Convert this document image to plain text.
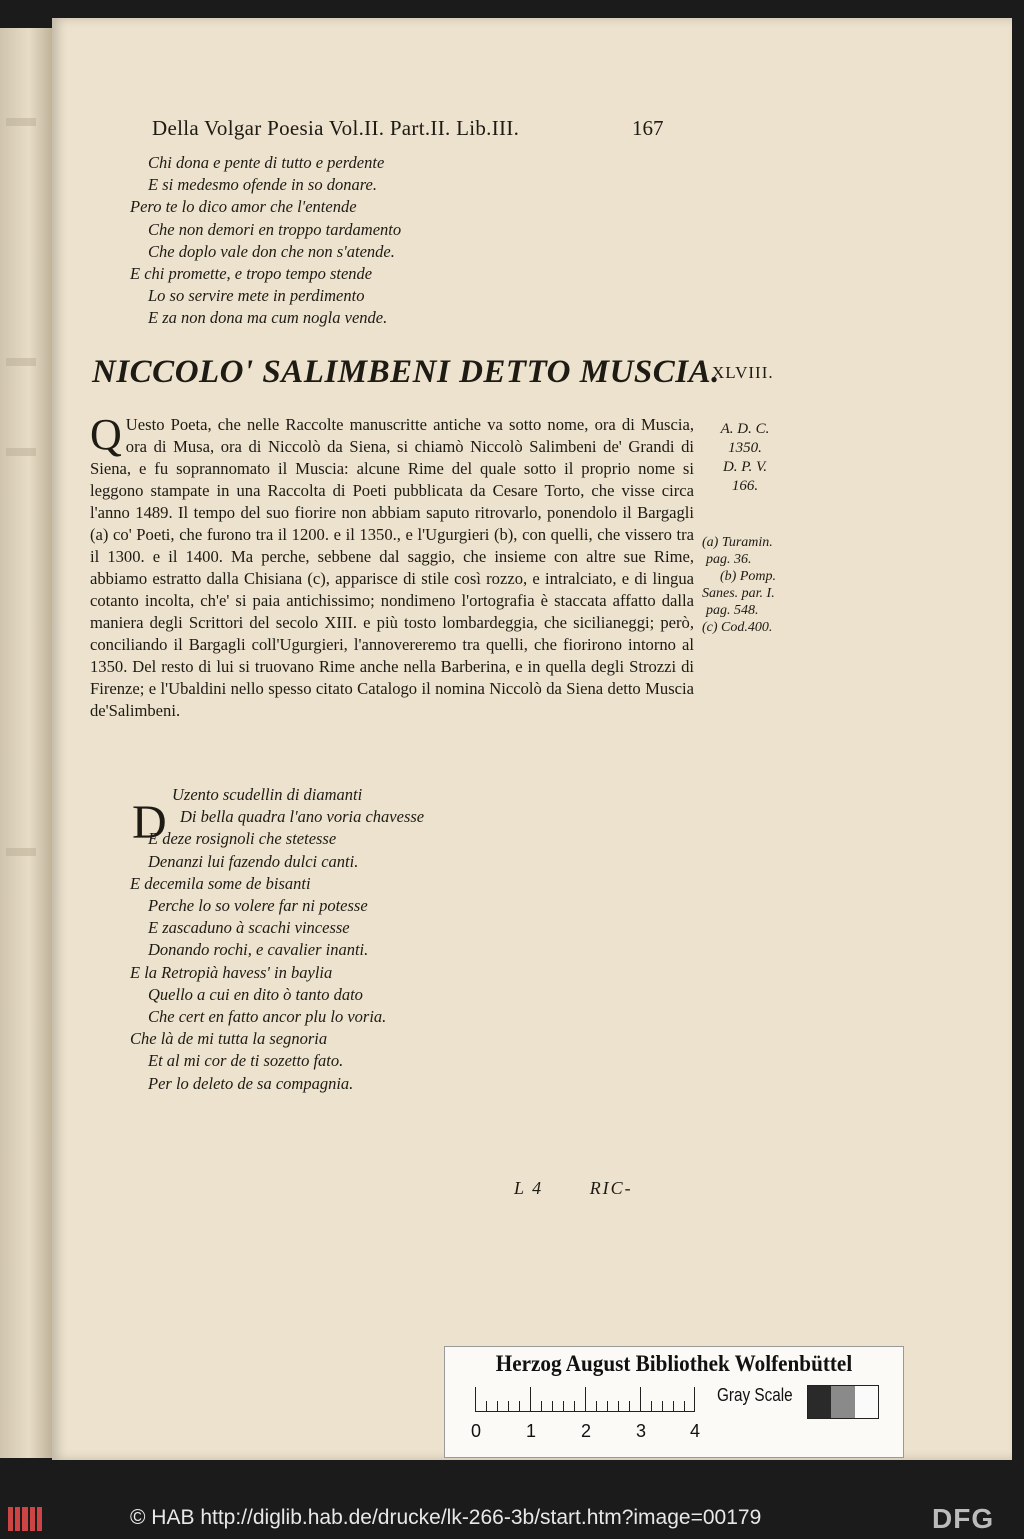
Della Volgar Poesia Vol.II. Part.II. Lib.III.	167
Chi dona e pente di tutto e perdente
E si medesmo ofende in so donare.
Pero te lo dico amor che l'entende
Che non demori en troppo tardamento
Che doplo vale don che non s'atende.
E chi promette, e tropo tempo stende
Lo so servire mete in perdimento
E za non dona ma cum nogla vende.
NICCOLO' SALIMBENI DETTO MUSCIA.
XLVIII.
Q Uesto Poeta, che nelle Raccolte manuscritte antiche va sotto nome, ora di Muscia, ora di Musa, ora di Niccolò da Siena, si chiamò Niccolò Salimbeni de' Grandi di Siena, e fu soprannomato il Muscia: alcune Rime del quale sotto il proprio nome si leggono stampate in una Raccolta di Poeti pubblicata da Cesare Torto, che visse circa l'anno 1489. Il tempo del suo fiorire non abbiam saputo ritrovarlo, ponendolo il Bargagli (a) co' Poeti, che furono tra il 1200. e il 1350., e l'Ugurgieri (b), con quelli, che vissero tra il 1300. e il 1400. Ma perche, sebbene dal saggio, che insieme con altre sue Rime, abbiamo estratto dalla Chisiana (c), apparisce di stile così rozzo, e intralciato, e di lingua cotanto incolta, ch'e' si paia antichissimo; nondimeno l'ortografia è staccata affatto dalla maniera degli Scrittori del secolo XIII. e più tosto lombardeggia, che sicilianeggi; però, conciliando il Bargagli coll'Ugurgieri, l'annovereremo tra quelli, che fiorirono intorno al 1350. Del resto di lui si truovano Rime anche nella Barberina, e in quella degli Strozzi di Firenze; e l'Ubaldini nello spesso citato Catalogo il nomina Niccolò da Siena detto Muscia de'Salimbeni.
A. D. C.
1350.
D. P. V.
166.
(a) Turamin.
pag. 36.
(b) Pomp.
Sanes. par. I.
pag. 548.
(c) Cod.400.
D
Uzento scudellin di diamanti
Di bella quadra l'ano voria chavesse
E deze rosignoli che stetesse
Denanzi lui fazendo dulci canti.
E decemila some de bisanti
Perche lo so volere far ni potesse
E zascaduno à scachi vincesse
Donando rochi, e cavalier inanti.
E la Retropià havess' in baylia
Quello a cui en dito ò tanto dato
Che cert en fatto ancor plu lo voria.
Che là de mi tutta la segnoria
Et al mi cor de ti sozetto fato.
Per lo deleto de sa compagnia.
L 4	RIC-
Herzog August Bibliothek Wolfenbüttel
0 1 2 3 4
Gray Scale
© HAB http://diglib.hab.de/drucke/lk-266-3b/start.htm?image=00179	DFG
